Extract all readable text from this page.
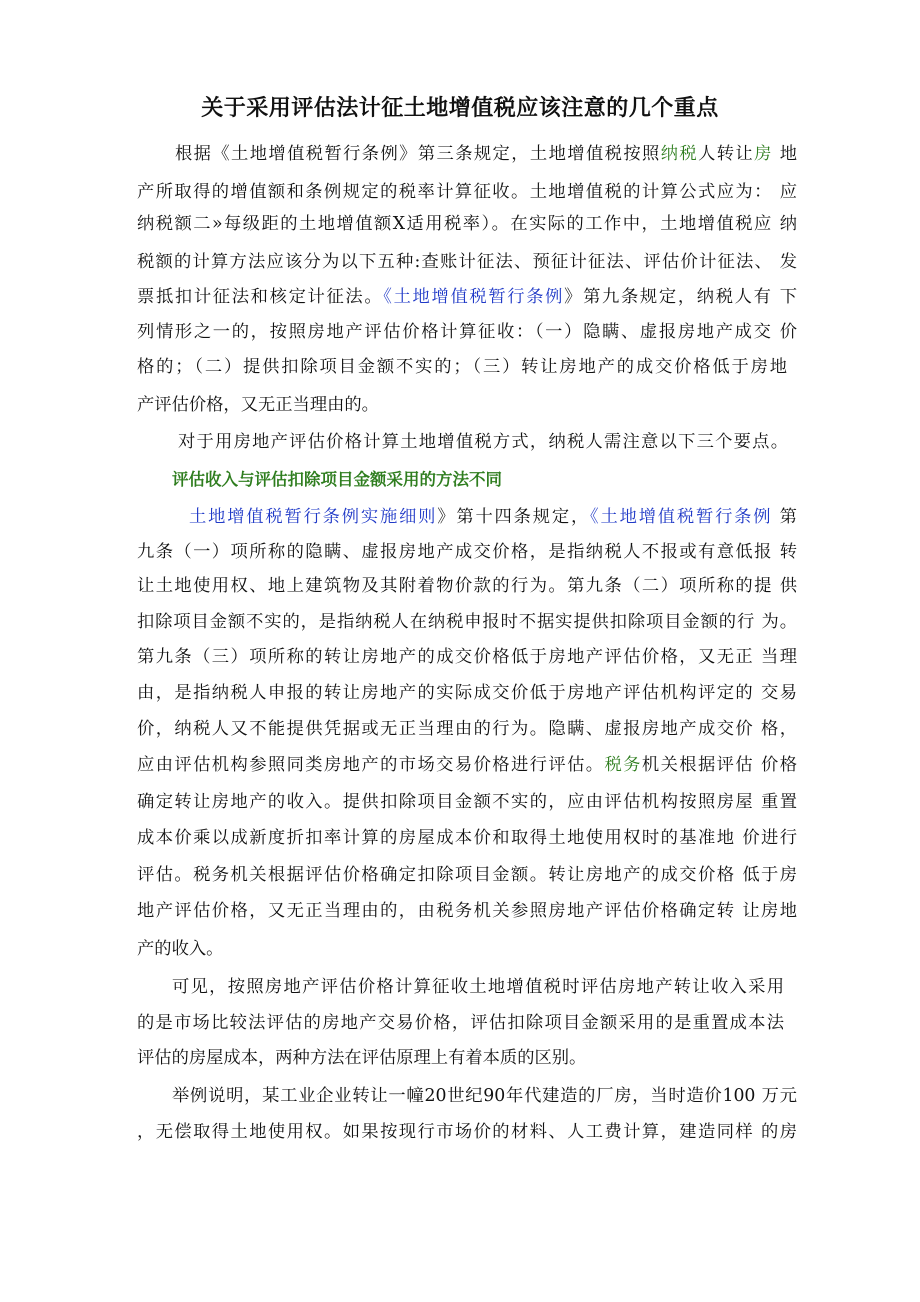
关于采用评估法计征土地增值税应该注意的几个重点
根据《土地增值税暂行条例》第三条规定，土地增值税按照纳税人转让房 地
产所取得的增值额和条例规定的税率计算征收。土地增值税的计算公式应为： 应
纳税额二»每级距的土地增值额X适用税率）。在实际的工作中，土地增值税应 纳
税额的计算方法应该分为以下五种:查账计征法、预征计征法、评估价计征法、 发
票抵扣计征法和核定计征法。《土地增值税暂行条例》第九条规定，纳税人有 下
列情形之一的，按照房地产评估价格计算征收：（一）隐瞒、虚报房地产成交 价
格的；（二）提供扣除项目金额不实的；（三）转让房地产的成交价格低于房地
产评估价格，又无正当理由的。
对于用房地产评估价格计算土地增值税方式，纳税人需注意以下三个要点。
评估收入与评估扣除项目金额采用的方法不同
土地增值税暂行条例实施细则》第十四条规定，《土地增值税暂行条例 第
九条（一）项所称的隐瞒、虚报房地产成交价格，是指纳税人不报或有意低报 转
让土地使用权、地上建筑物及其附着物价款的行为。第九条（二）项所称的提 供
扣除项目金额不实的，是指纳税人在纳税申报时不据实提供扣除项目金额的行 为。
第九条（三）项所称的转让房地产的成交价格低于房地产评估价格，又无正 当理
由，是指纳税人申报的转让房地产的实际成交价低于房地产评估机构评定的 交易
价，纳税人又不能提供凭据或无正当理由的行为。隐瞒、虚报房地产成交价 格，
应由评估机构参照同类房地产的市场交易价格进行评估。税务机关根据评估 价格
确定转让房地产的收入。提供扣除项目金额不实的，应由评估机构按照房屋 重置
成本价乘以成新度折扣率计算的房屋成本价和取得土地使用权时的基准地 价进行
评估。税务机关根据评估价格确定扣除项目金额。转让房地产的成交价格 低于房
地产评估价格，又无正当理由的，由税务机关参照房地产评估价格确定转 让房地
产的收入。
可见，按照房地产评估价格计算征收土地增值税时评估房地产转让收入采用
的是市场比较法评估的房地产交易价格，评估扣除项目金额采用的是重置成本法
评估的房屋成本，两种方法在评估原理上有着本质的区别。
举例说明，某工业企业转让一幢20世纪90年代建造的厂房，当时造价100 万元
，无偿取得土地使用权。如果按现行市场价的材料、人工费计算，建造同样 的房
